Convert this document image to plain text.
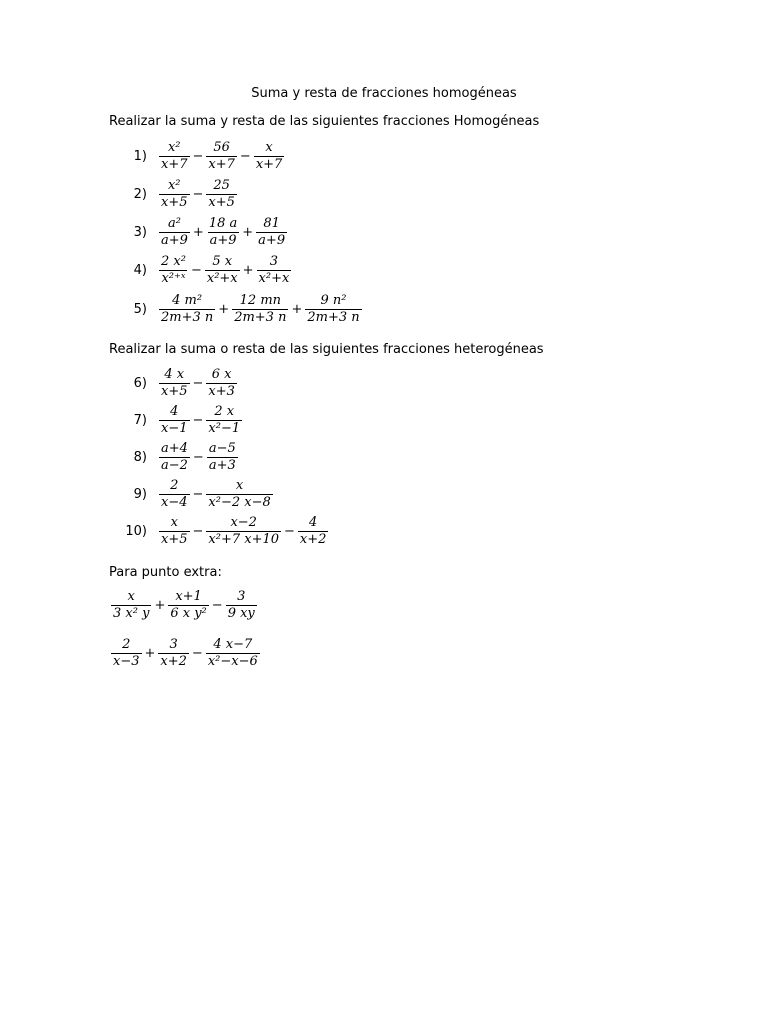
Suma y resta de fracciones homogéneas
Realizar la suma y resta de las siguientes fracciones Homogéneas
$1) \frac{\text{x²}}{x+7} - \frac{56}{x+7} - \frac{x}{x+7}$
$2) \frac{\text{x²}}{x+5} - \frac{25}{x+5}$
$3) \frac{\text{a²}}{a+9} + \frac{18 a}{a+9} + \frac{81}{a+9}$
$4) \frac{\text{2 x²}}{\text{x²⁺ˣ}} - \frac{5 x}{\text{x²+x}} + \frac{3}{\text{x²+x}}$
$5) \frac{\text{4 m²}}{2m+3 n} + \frac{12 mn}{2m+3 n} + \frac{\text{9 n²}}{2m+3 n}$
Realizar la suma o resta de las siguientes fracciones heterogéneas
$6) \frac{4 x}{x+5} - \frac{6 x}{x+3}$
$7) \frac{4}{x-1} - \frac{2 x}{\text{x²−1}}$
$8) \frac{a+4}{a-2} - \frac{a-5}{a+3}$
$9) \frac{2}{x-4} - \frac{x}{\text{x²−2 x−8}}$
$10) \frac{x}{x+5} - \frac{x-2}{\text{x²+7 x+10}} - \frac{4}{x+2}$
Para punto extra:
$\frac{x}{\text{3 x² y}} + \frac{x+1}{\text{6 x y²}} - \frac{3}{9 xy}$
$\frac{2}{x-3} + \frac{3}{x+2} - \frac{4 x-7}{\text{x²−x−6}}$
